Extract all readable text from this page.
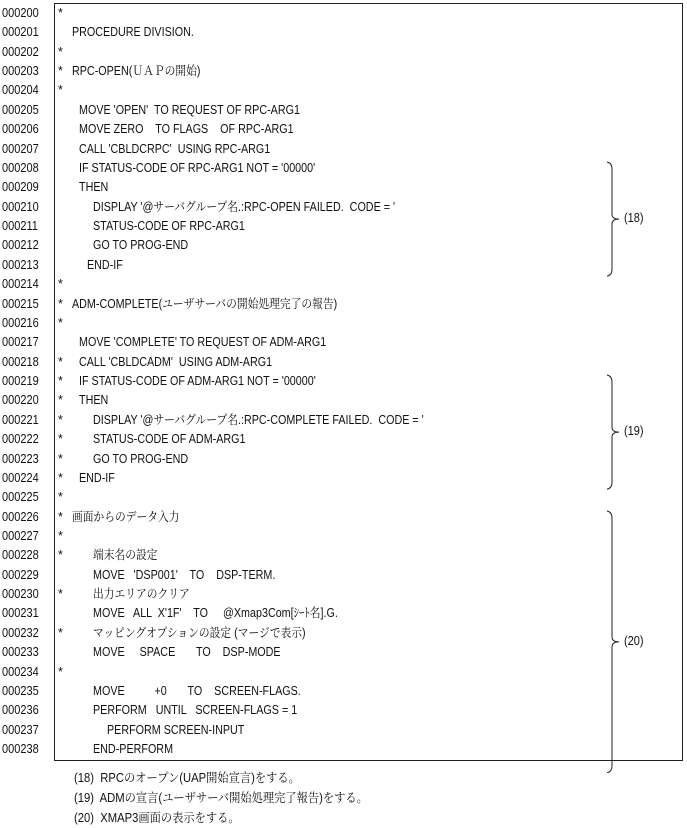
000200 *
000201	PROCEDURE DIVISION.
000202 *
000203 * RPC-OPEN(ＵＡＰの開始)
000204 *
000205	MOVE 'OPEN'  TO REQUEST OF RPC-ARG1
000206	MOVE ZERO    TO FLAGS    OF RPC-ARG1
000207	CALL 'CBLDCRPC'  USING RPC-ARG1
000208	IF STATUS-CODE OF RPC-ARG1 NOT = '00000'
000209	THEN
000210	DISPLAY '@サーバグループ名.:RPC-OPEN FAILED.  CODE = '
000211	STATUS-CODE OF RPC-ARG1
000212	GO TO PROG-END
000213	END-IF
000214 *
000215 * ADM-COMPLETE(ユーザサーバの開始処理完了の報告)
000216 *
000217	MOVE 'COMPLETE' TO REQUEST OF ADM-ARG1
000218 * CALL 'CBLDCADM'  USING ADM-ARG1
000219 * IF STATUS-CODE OF ADM-ARG1 NOT = '00000'
000220 * THEN
000221 * DISPLAY '@サーバグループ名.:RPC-COMPLETE FAILED.  CODE = '
000222 * STATUS-CODE OF ADM-ARG1
000223 * GO TO PROG-END
000224 * END-IF
000225 *
000226 * 画面からのデータ入力
000227 *
000228 * 端末名の設定
000229	MOVE   'DSP001'    TO    DSP-TERM.
000230 * 出力エリアのクリア
000231	MOVE   ALL  X'1F'    TO     @Xmap3Com[ｼｰﾄ名].G.
000232 * マッピングオプションの設定 (マージで表示)
000233	MOVE     SPACE       TO    DSP-MODE
000234 *
000235	MOVE          +0       TO    SCREEN-FLAGS.
000236	PERFORM   UNTIL   SCREEN-FLAGS = 1
000237	PERFORM SCREEN-INPUT
000238	END-PERFORM
(18)
(19)
(20)
(18)  RPCのオープン(UAP開始宣言)をする。
(19)  ADMの宣言(ユーザサーバ開始処理完了報告)をする。
(20)  XMAP3画面の表示をする。
